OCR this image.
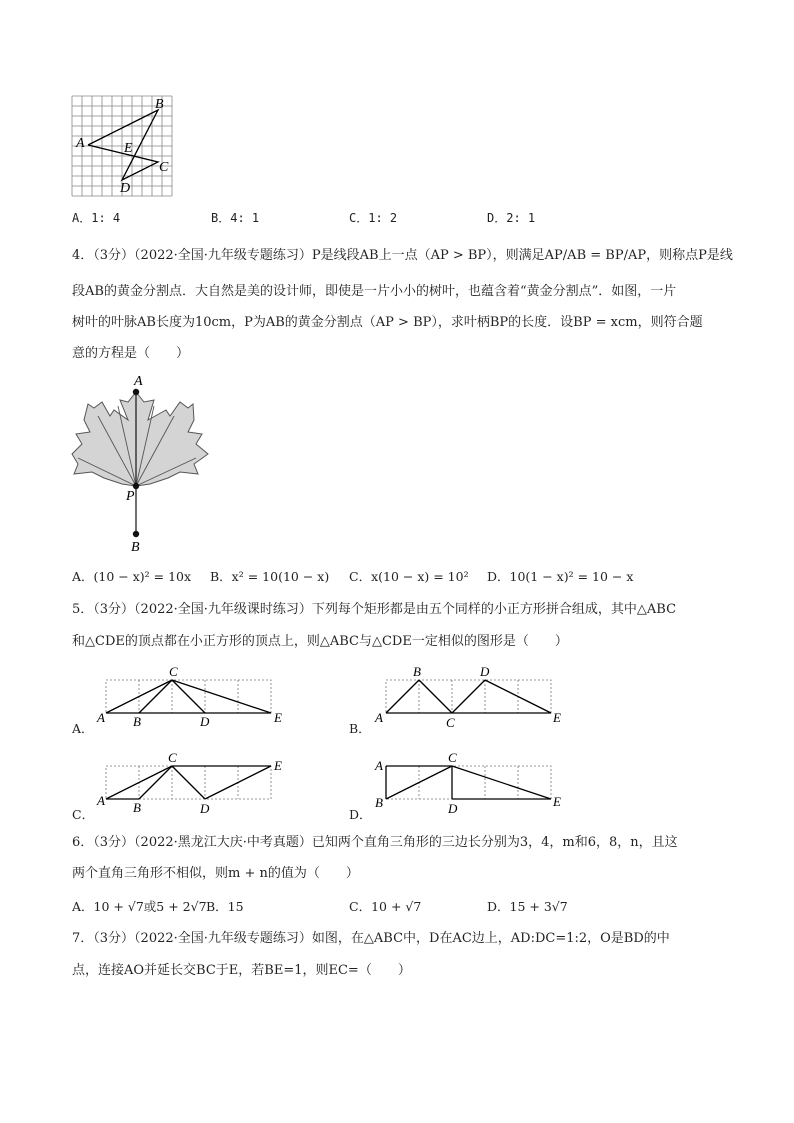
A
B
E
C
D
A．1: 4	B．4: 1	C．1: 2	D．2: 1
4．（3分）（2022·全国·九年级专题练习）P是线段AB上一点（AP > BP），则满足AP/AB = BP/AP，则称点P是线
段AB的黄金分割点．大自然是美的设计师，即使是一片小小的树叶，也蕴含着“黄金分割点”．如图，一片
树叶的叶脉AB长度为10cm，P为AB的黄金分割点（AP > BP），求叶柄BP的长度．设BP = xcm，则符合题
意的方程是（　　）
A
P
B
A．(10 − x)² = 10x B．x² = 10(10 − x) C．x(10 − x) = 10² D．10(1 − x)² = 10 − x
5．（3分）（2022·全国·九年级课时练习）下列每个矩形都是由五个同样的小正方形拼合组成，其中△ABC
和△CDE的顶点都在小正方形的顶点上，则△ABC与△CDE一定相似的图形是（　　）
A．	B．
C．	D．
A B
C
D	E	A
B
C
D
E
A B
C
D
E	A
B
C
D	E
6．（3分）（2022·黑龙江大庆·中考真题）已知两个直角三角形的三边长分别为3，4，m和6，8，n，且这
两个直角三角形不相似，则m + n的值为（　　）
A．10 + √7或5 + 2√7 B．15	C．10 + √7	D．15 + 3√7
7．（3分）（2022·全国·九年级专题练习）如图，在△ABC中，D在AC边上，AD:DC=1:2，O是BD的中
点，连接AO并延长交BC于E，若BE=1，则EC=（　　）
